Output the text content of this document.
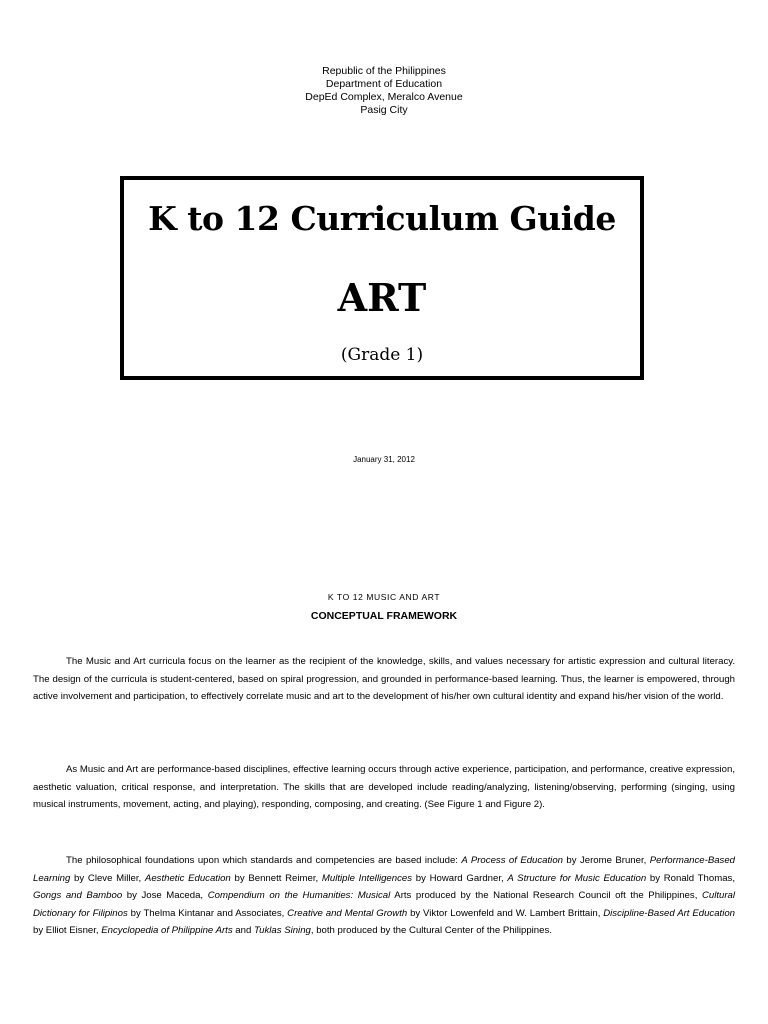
Republic of the Philippines
Department of Education
DepEd Complex, Meralco Avenue
Pasig City
K to 12 Curriculum Guide
ART
(Grade 1)
January 31, 2012
K TO 12 MUSIC AND ART
CONCEPTUAL FRAMEWORK
The Music and Art curricula focus on the learner as the recipient of the knowledge, skills, and values necessary for artistic expression and cultural literacy. The design of the curricula is student-centered, based on spiral progression, and grounded in performance-based learning. Thus, the learner is empowered, through active involvement and participation, to effectively correlate music and art to the development of his/her own cultural identity and expand his/her vision of the world.
As Music and Art are performance-based disciplines, effective learning occurs through active experience, participation, and performance, creative expression, aesthetic valuation, critical response, and interpretation. The skills that are developed include reading/analyzing, listening/observing, performing (singing, using musical instruments, movement, acting, and playing), responding, composing, and creating. (See Figure 1 and Figure 2).
The philosophical foundations upon which standards and competencies are based include: A Process of Education by Jerome Bruner, Performance-Based Learning by Cleve Miller, Aesthetic Education by Bennett Reimer, Multiple Intelligences by Howard Gardner, A Structure for Music Education by Ronald Thomas, Gongs and Bamboo by Jose Maceda, Compendium on the Humanities: Musical Arts produced by the National Research Council oft the Philippines, Cultural Dictionary for Filipinos by Thelma Kintanar and Associates, Creative and Mental Growth by Viktor Lowenfeld and W. Lambert Brittain, Discipline-Based Art Education by Elliot Eisner, Encyclopedia of Philippine Arts and Tuklas Sining, both produced by the Cultural Center of the Philippines.
